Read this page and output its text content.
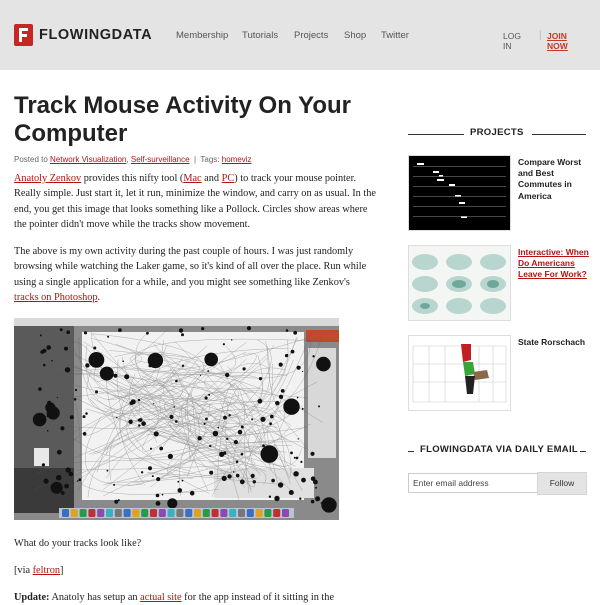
FLOWINGDATA	Membership Tutorials Projects Shop Twitter	LOG IN
| JOIN NOW
Track Mouse Activity On Your Computer
Posted to Network Visualization, Self-surveillance | Tags: homeviz

Anatoly Zenkov provides this nifty tool (Mac and PC) to track your mouse pointer. Really simple. Just start it, let it run, minimize the window, and carry on as usual. In the end, you get this image that looks something like a Pollock. Circles show areas where the pointer didn't move while the tracks show movement.

The above is my own activity during the past couple of hours. I was just randomly browsing while watching the Laker game, so it's kind of all over the place. Run while using a single application for a while, and you might see something like Zenkov's tracks on Photoshop.

What do your tracks look like?

[via feltron]

Update: Anatoly has setup an actual site for the app instead of it sitting in the

PROJECTS
Compare Worst and Best Commutes in America
Interactive: When Do Americans Leave For Work?
State Rorschach
FLOWINGDATA VIA DAILY EMAIL
Enter email address
Follow
